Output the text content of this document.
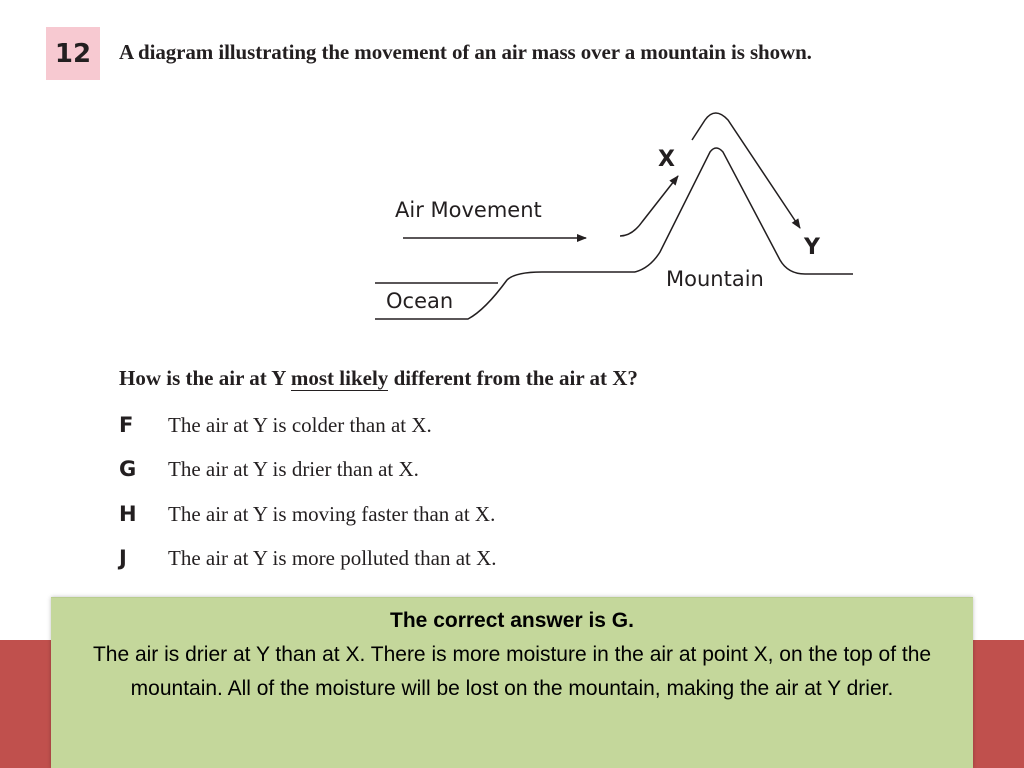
12 A diagram illustrating the movement of an air mass over a mountain is shown.
Air Movement
Ocean
Mountain
X
Y
How is the air at Y most likely different from the air at X?
F	The air at Y is colder than at X.
G	The air at Y is drier than at X.
H	The air at Y is moving faster than at X.
J	The air at Y is more polluted than at X.
The correct answer is G.
The air is drier at Y than at X. There is more moisture in the air at point X, on the top of the mountain. All of the moisture will be lost on the mountain, making the air at Y drier.
